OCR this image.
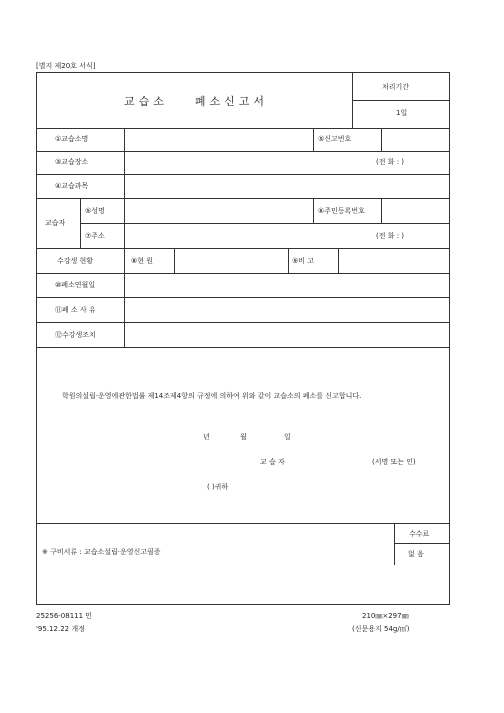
[별지 제20호 서식]
교습소 폐소신고서
처리기간
1일
①교습소명	⑤신고번호
③교습장소	(전 화 : )
④교습과목
교습자
⑤성명	⑥주민등록번호
⑦주소	(전 화 : )
수강생 현황	⑧현 원	⑨비 고
⑩폐소연월일
⑪폐 소 사 유
⑫수강생조치
학원의설립·운영에관한법률 제14조제4항의 규정에 의하여 위와 같이 교습소의 폐소를 신고합니다.
년	월	일
교 습 자	(서명 또는 인)
( )귀하
※ 구비서류 : 교습소설립·운영신고필증
수수료
없 음
25256-08111 민
'95.12.22 개정
210㎜×297㎜
(신문용지 54g/㎡)
